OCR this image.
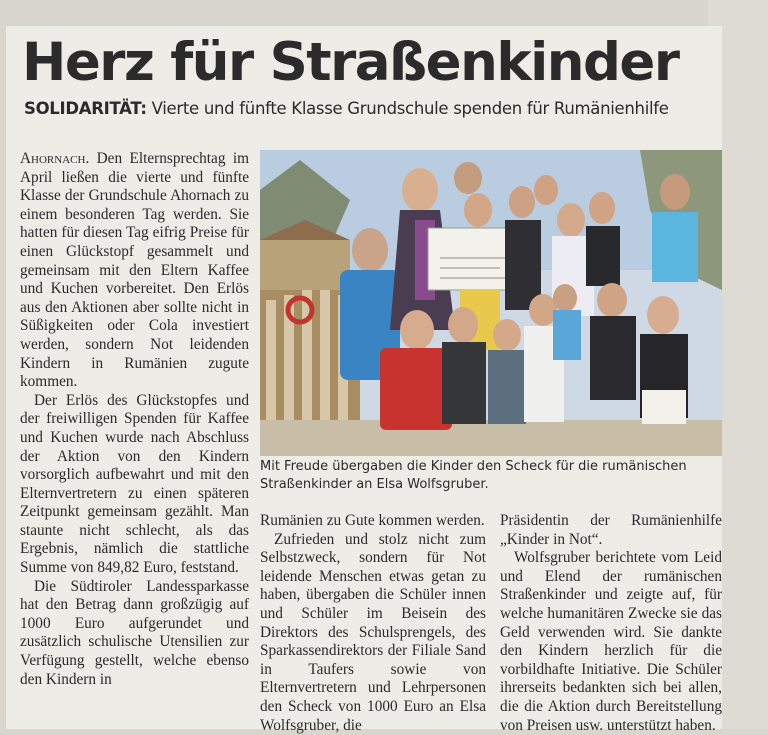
Herz für Straßenkinder

SOLIDARITÄT: Vierte und fünfte Klasse Grundschule spenden für Rumänienhilfe

Ahornach. Den Elternsprechtag im April ließen die vierte und fünfte Klasse der Grundschule Ahornach zu einem besonderen Tag werden. Sie hatten für diesen Tag eifrig Preise für einen Glückstopf gesammelt und gemeinsam mit den Eltern Kaffee und Kuchen vorbereitet. Den Erlös aus den Aktionen aber sollte nicht in Süßigkeiten oder Cola investiert werden, sondern Not leidenden Kindern in Rumänien zugute kommen.

Der Erlös des Glückstopfes und der freiwilligen Spenden für Kaffee und Kuchen wurde nach Abschluss der Aktion von den Kindern vorsorglich aufbewahrt und mit den Elternvertretern zu einen späteren Zeitpunkt gemeinsam gezählt. Man staunte nicht schlecht, als das Ergebnis, nämlich die stattliche Summe von 849,82 Euro, feststand.

Die Südtiroler Landessparkasse hat den Betrag dann großzügig auf 1000 Euro aufgerundet und zusätzlich schulische Utensilien zur Verfügung gestellt, welche ebenso den Kindern in

Mit Freude übergaben die Kinder den Scheck für die rumänischen Straßenkinder an Elsa Wolfsgruber.

Rumänien zu Gute kommen werden.

Zufrieden und stolz nicht zum Selbstzweck, sondern für Not leidende Menschen etwas getan zu haben, übergaben die Schüler innen und Schüler im Beisein des Direktors des Schulsprengels, des Sparkassendirektors der Filiale Sand in Taufers sowie von Elternvertretern und Lehrpersonen den Scheck von 1000 Euro an Elsa Wolfsgruber, die

Präsidentin der Rumänienhilfe „Kinder in Not“.

Wolfsgruber berichtete vom Leid und Elend der rumänischen Straßenkinder und zeigte auf, für welche humanitären Zwecke sie das Geld verwenden wird. Sie dankte den Kindern herzlich für die vorbildhafte Initiative. Die Schüler ihrerseits bedankten sich bei allen, die die Aktion durch Bereitstellung von Preisen usw. unterstützt haben.
